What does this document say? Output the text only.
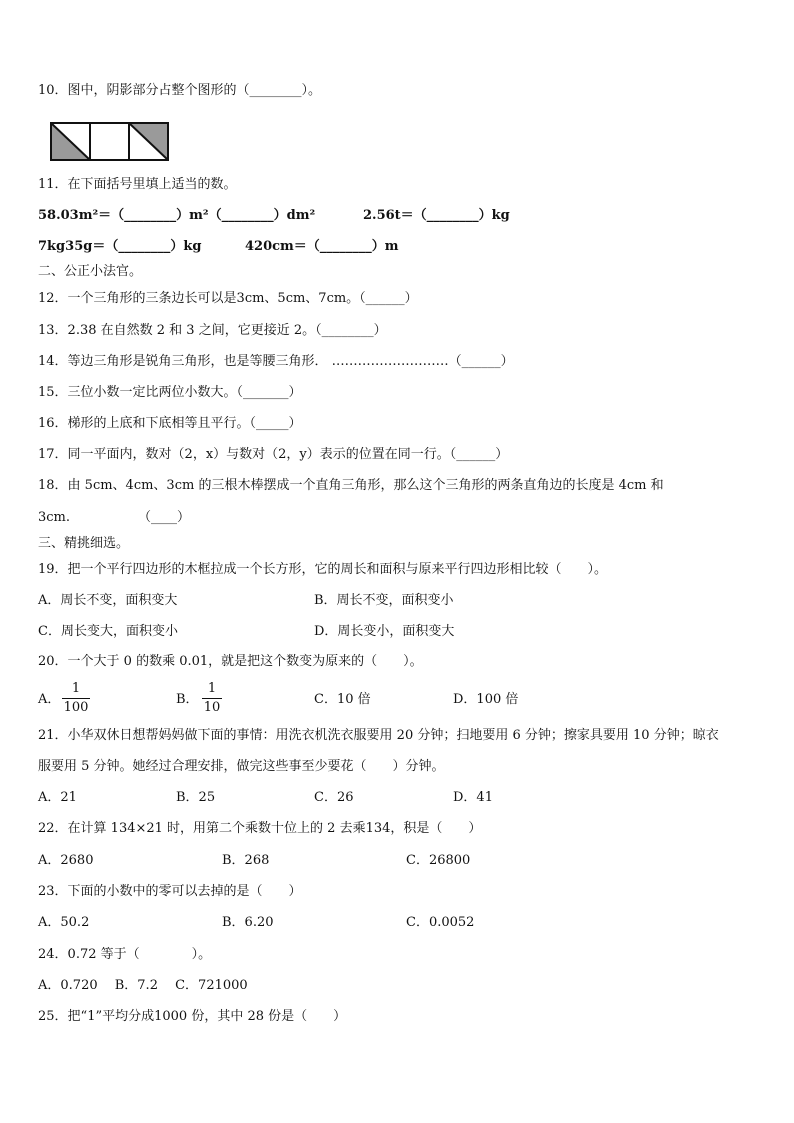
10．图中，阴影部分占整个图形的（________）。
11．在下面括号里填上适当的数。
58.03m²＝（________）m²（________）dm²	2.56t＝（________）kg
7kg35g＝（________）kg	420cm＝（________）m
二、公正小法官。
12．一个三角形的三条边长可以是3cm、5cm、7cm。（______）
13．2.38 在自然数 2 和 3 之间，它更接近 2。（________）
14．等边三角形是锐角三角形，也是等腰三角形． ………………………（______）
15．三位小数一定比两位小数大。（_______）
16．梯形的上底和下底相等且平行。（_____）
17．同一平面内，数对（2，x）与数对（2，y）表示的位置在同一行。（______）
18．由 5cm、4cm、3cm 的三根木棒摆成一个直角三角形，那么这个三角形的两条直角边的长度是 4cm 和
3cm.	（____）
三、精挑细选。
19．把一个平行四边形的木框拉成一个长方形，它的周长和面积与原来平行四边形相比较（　　）。
A．周长不变，面积变大	B．周长不变，面积变小
C．周长变大，面积变小	D．周长变小，面积变大
20．一个大于 0 的数乘 0.01，就是把这个数变为原来的（　　）。
A．
1
100
B．
1
10
C．10 倍	D．100 倍
21．小华双休日想帮妈妈做下面的事情：用洗衣机洗衣服要用 20 分钟；扫地要用 6 分钟；擦家具要用 10 分钟；晾衣
服要用 5 分钟。她经过合理安排，做完这些事至少要花（　　）分钟。
A．21	B．25	C．26	D．41
22．在计算 134×21 时，用第二个乘数十位上的 2 去乘134，积是（　　）
A．2680	B．268	C．26800
23．下面的小数中的零可以去掉的是（　　）
A．50.2	B．6.20	C．0.0052
24．0.72 等于（　　　　）。
A．0.720　 B．7.2　 C．721000
25．把“1”平均分成1000 份，其中 28 份是（　　）
